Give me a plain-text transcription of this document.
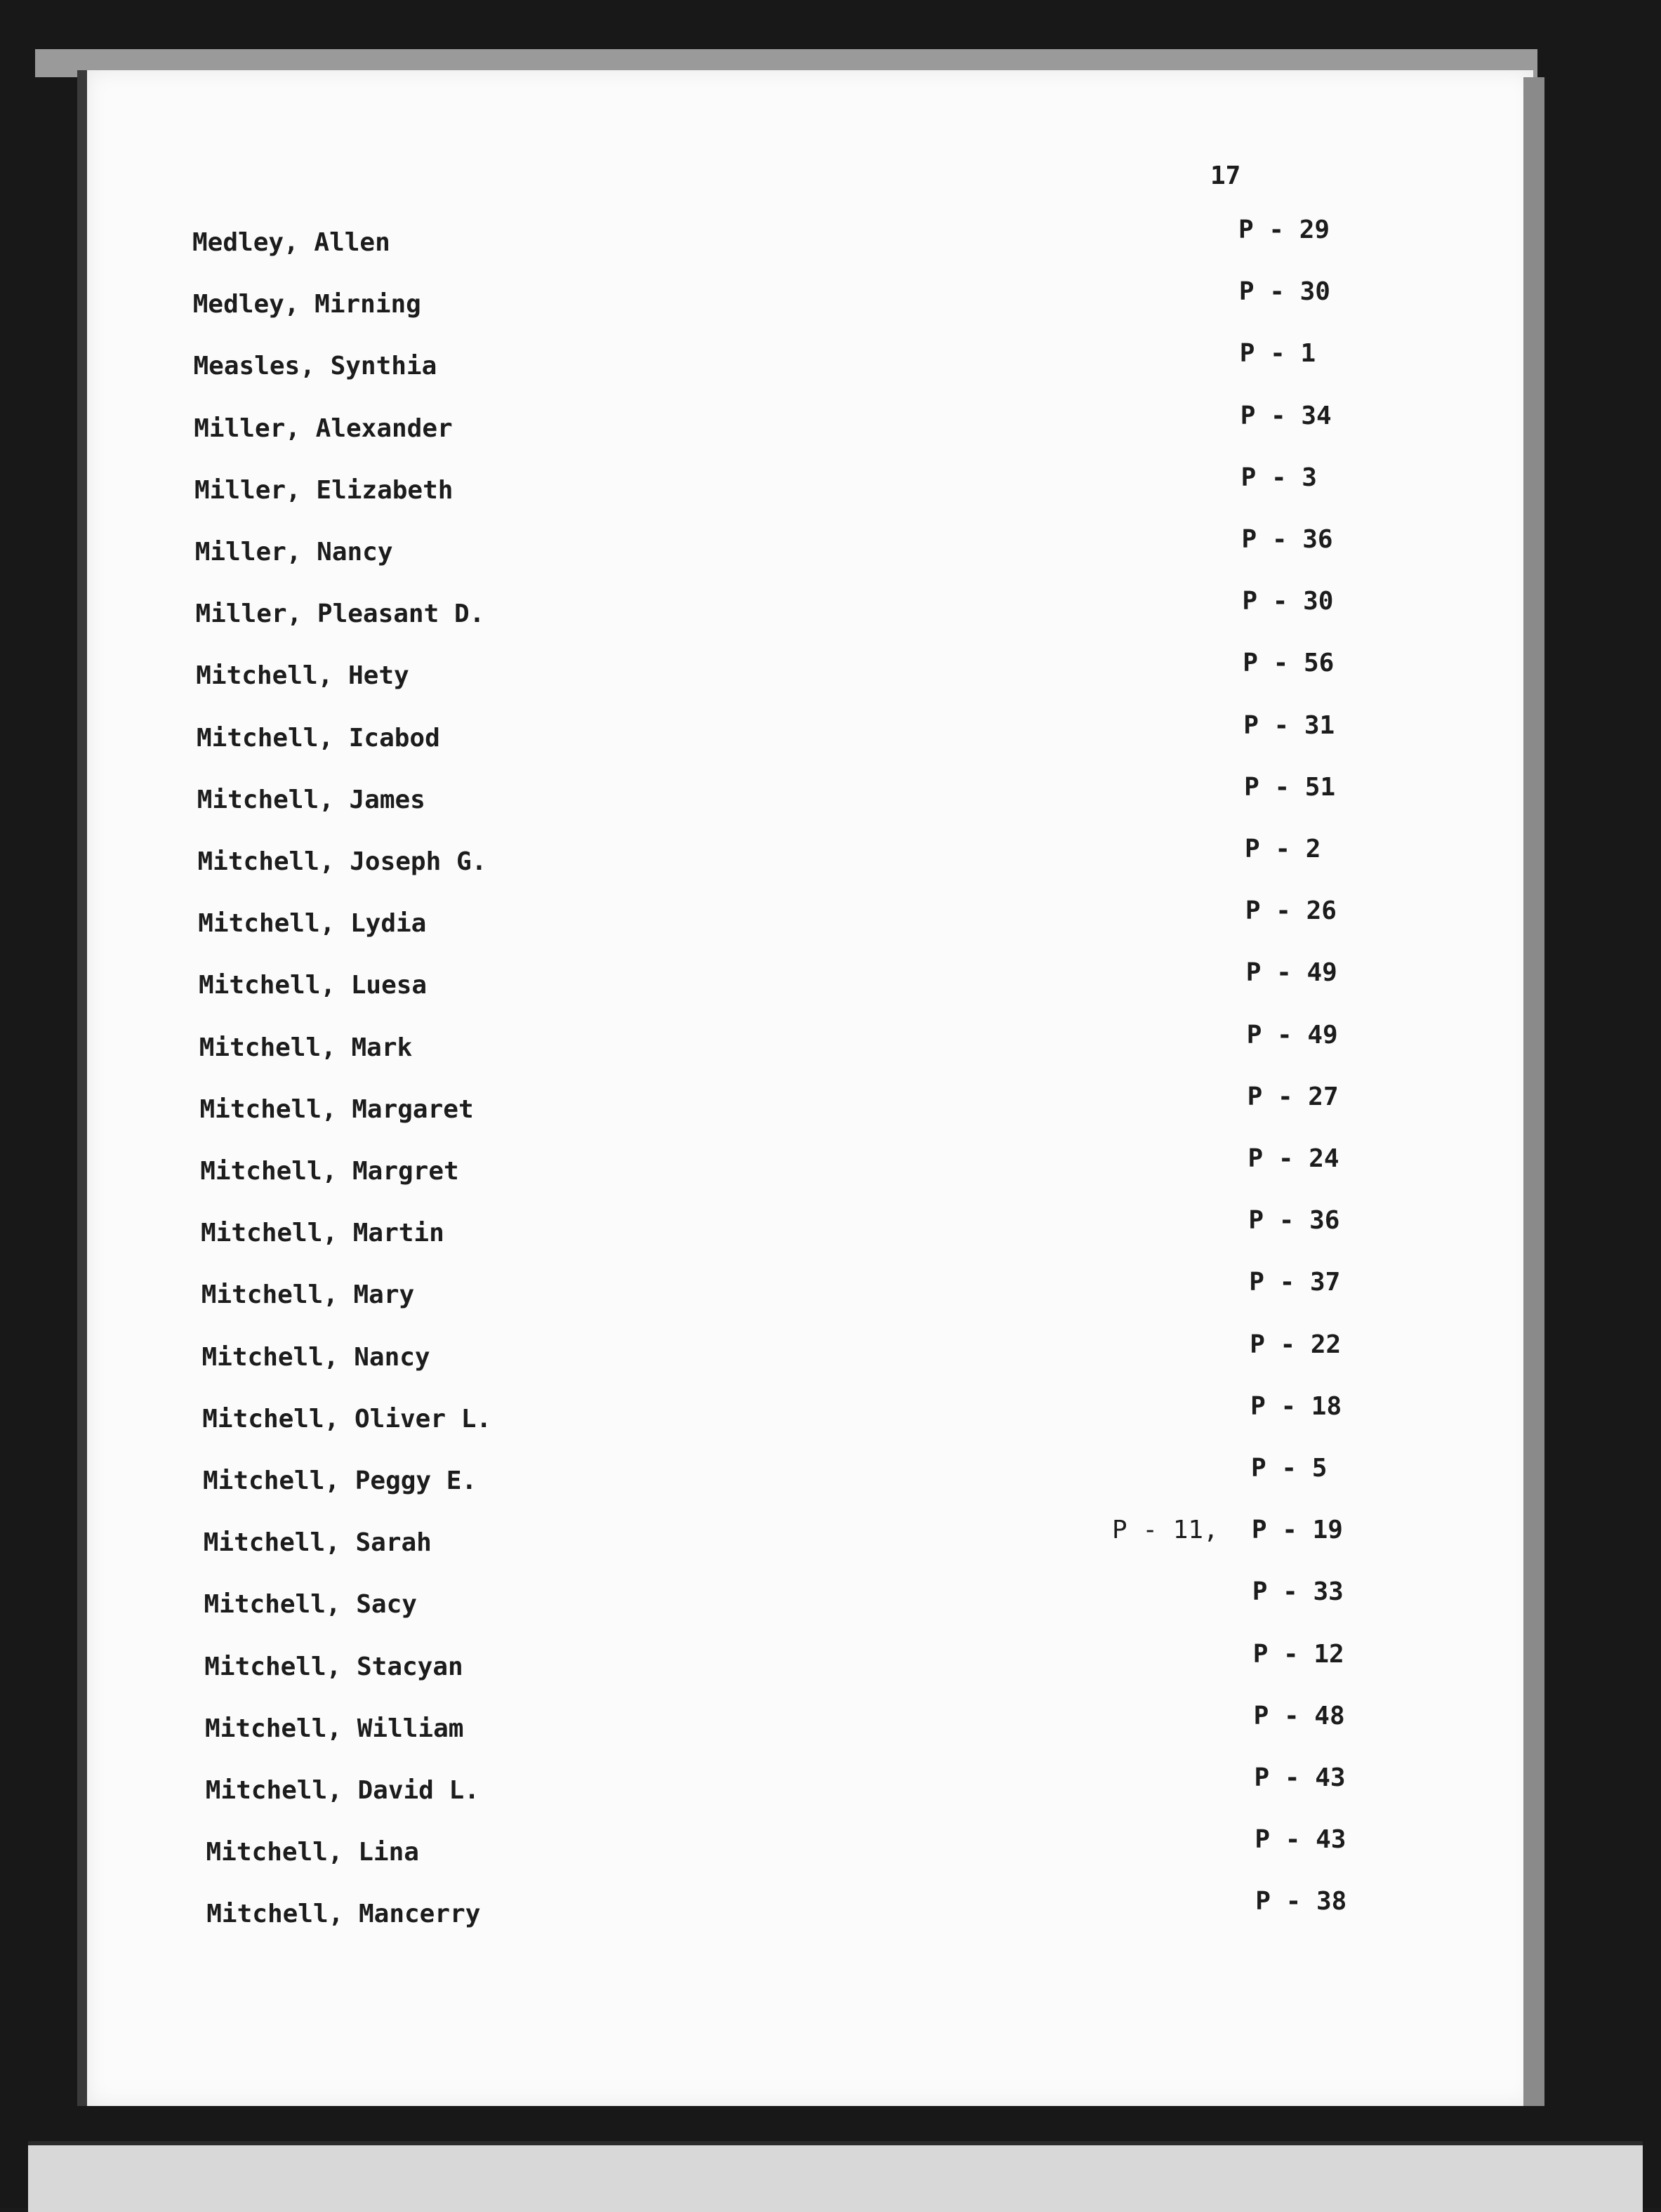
17
Medley, Allen	P - 29
Medley, Mirning	P - 30
Measles, Synthia	P - 1
Miller, Alexander	P - 34
Miller, Elizabeth	P - 3
Miller, Nancy	P - 36
Miller, Pleasant D.	P - 30
Mitchell, Hety	P - 56
Mitchell, Icabod	P - 31
Mitchell, James	P - 51
Mitchell, Joseph G.	P - 2
Mitchell, Lydia	P - 26
Mitchell, Luesa	P - 49
Mitchell, Mark	P - 49
Mitchell, Margaret	P - 27
Mitchell, Margret	P - 24
Mitchell, Martin	P - 36
Mitchell, Mary	P - 37
Mitchell, Nancy	P - 22
Mitchell, Oliver L.	P - 18
Mitchell, Peggy E.	P - 5
Mitchell, Sarah	P - 11, P - 19
Mitchell, Sacy	P - 33
Mitchell, Stacyan	P - 12
Mitchell, William	P - 48
Mitchell, David L.	P - 43
Mitchell, Lina	P - 43
Mitchell, Mancerry	P - 38
